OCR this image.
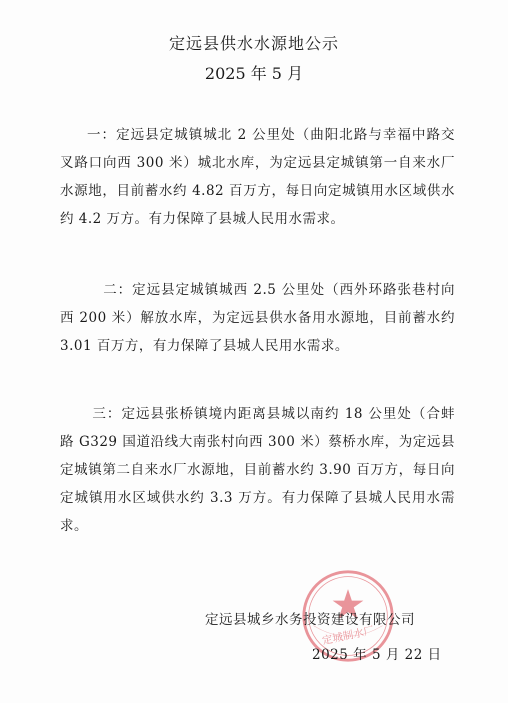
定远县供水水源地公示
2025 年 5 月
一：定远县定城镇城北 2 公里处（曲阳北路与幸福中路交叉路口向西 300 米）城北水库，为定远县定城镇第一自来水厂水源地，目前蓄水约 4.82 百万方，每日向定城镇用水区域供水约 4.2 万方。有力保障了县城人民用水需求。
二：定远县定城镇城西 2.5 公里处（西外环路张巷村向西 200 米）解放水库，为定远县供水备用水源地，目前蓄水约 3.01 百万方，有力保障了县城人民用水需求。
三：定远县张桥镇境内距离县城以南约 18 公里处（合蚌路 G329 国道沿线大南张村向西 300 米）蔡桥水库，为定远县定城镇第二自来水厂水源地，目前蓄水约 3.90 百万方，每日向定城镇用水区域供水约 3.3 万方。有力保障了县城人民用水需求。
定城制水厂
定远县城乡水务投资建设有限公司
2025 年 5 月 22 日
